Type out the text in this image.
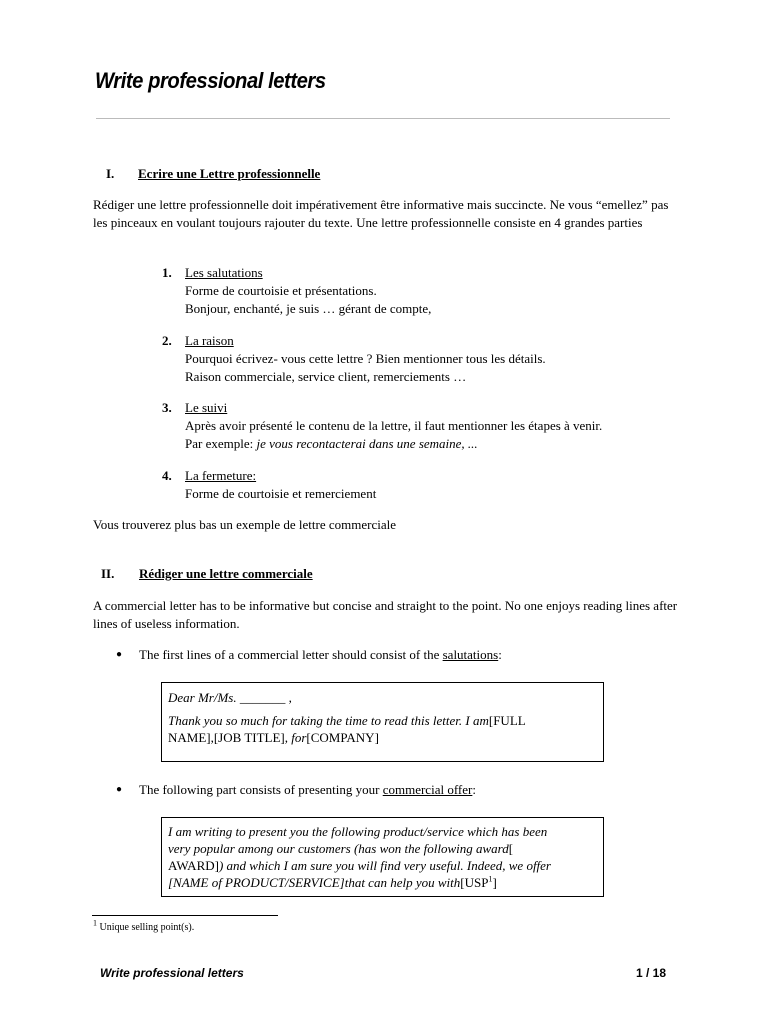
Write professional letters
I. Ecrire une Lettre professionnelle
Rédiger une lettre professionnelle doit impérativement être informative mais succincte. Ne vous “emellez” pas les pinceaux en voulant toujours rajouter du texte. Une lettre professionnelle consiste en 4 grandes parties
1. Les salutations
Forme de courtoisie et présentations.
Bonjour, enchanté, je suis … gérant de compte,
2. La raison
Pourquoi écrivez- vous cette lettre ? Bien mentionner tous les détails.
Raison commerciale, service client, remerciements …
3. Le suivi
Après avoir présenté le contenu de la lettre, il faut mentionner les étapes à venir.
Par exemple: je vous recontacterai dans une semaine, ...
4. La fermeture:
Forme de courtoisie et remerciement
Vous trouverez plus bas un exemple de lettre commerciale
II. Rédiger une lettre commerciale
A commercial letter has to be informative but concise and straight to the point. No one enjoys reading lines after lines of useless information.
● The first lines of a commercial letter should consist of the salutations:
Dear Mr/Ms. _______ ,
Thank you so much for taking the time to read this letter. I am[FULL
NAME],[JOB TITLE], for[COMPANY]
● The following part consists of presenting your commercial offer:
I am writing to present you the following product/service which has been
very popular among our customers (has won the following award[
AWARD]) and which I am sure you will find very useful. Indeed, we offer
[NAME of PRODUCT/SERVICE]that can help you with[USP$^1$]
$^1$ Unique selling point(s).
Write professional letters	1 / 18
